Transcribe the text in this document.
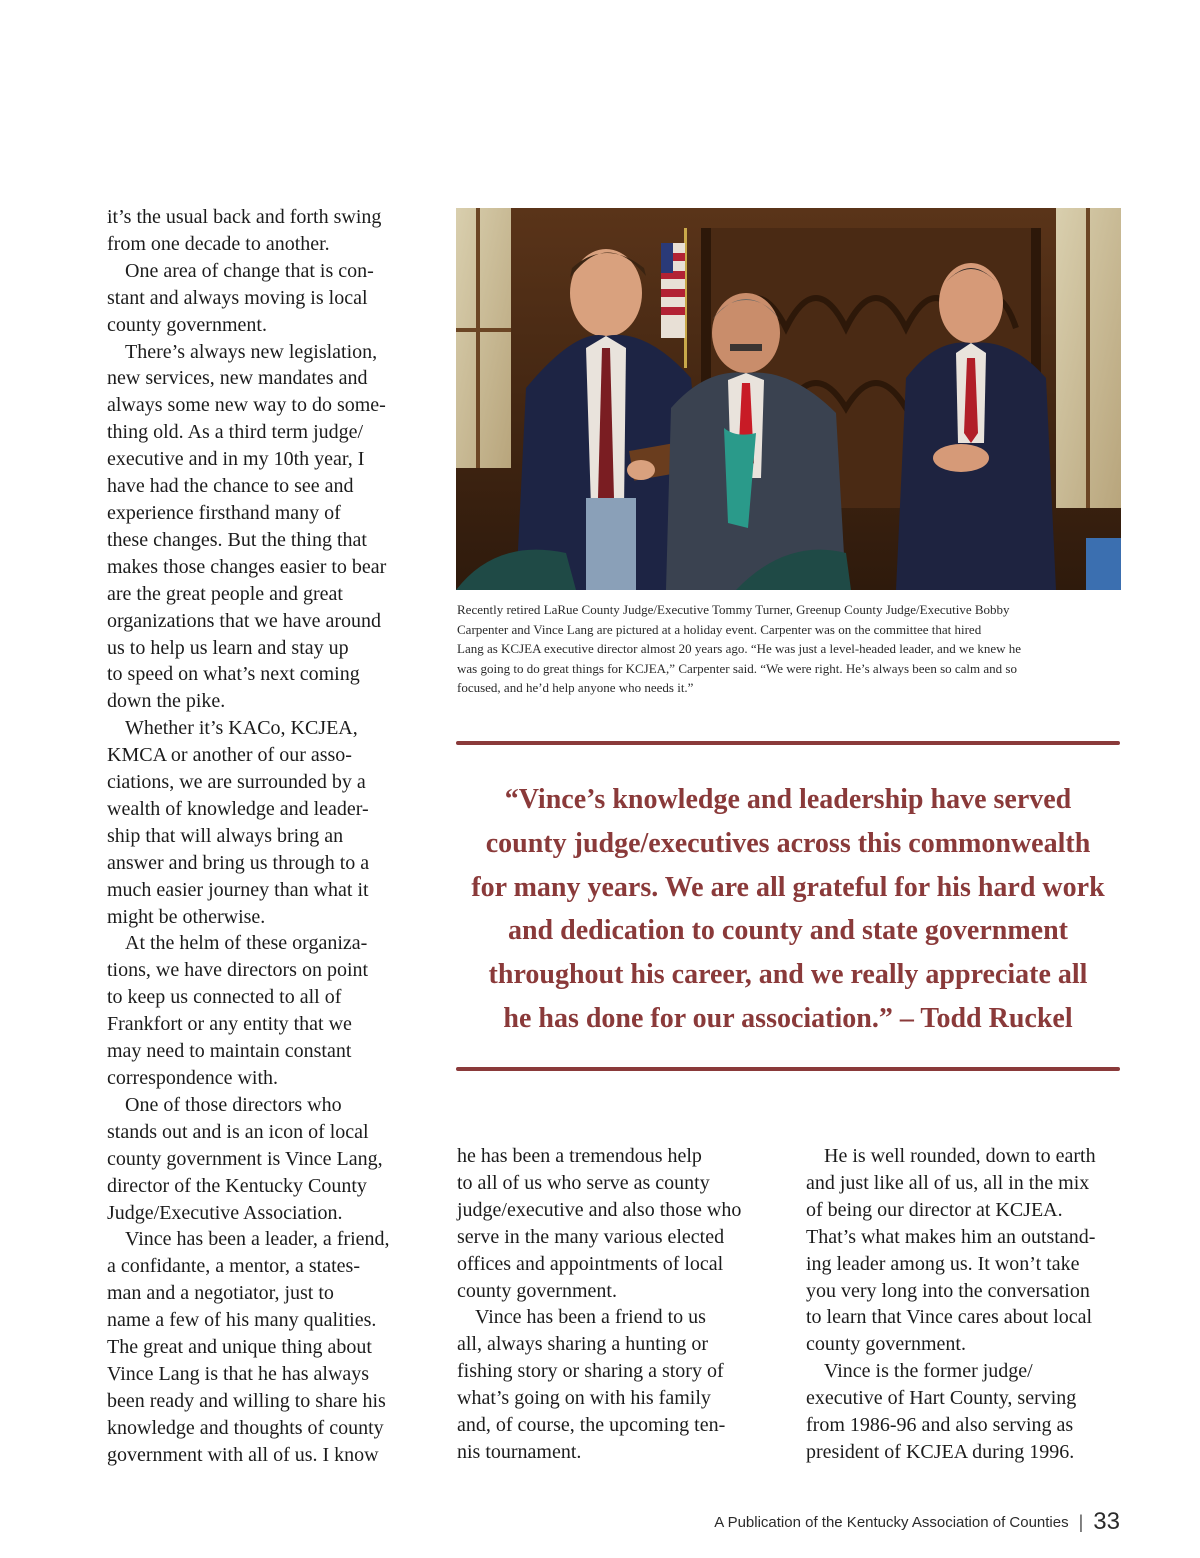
it’s the usual back and forth swing
from one decade to another.

One area of change that is con-
stant and always moving is local
county government.

There’s always new legislation,
new services, new mandates and
always some new way to do some-
thing old. As a third term judge/
executive and in my 10th year, I
have had the chance to see and
experience firsthand many of
these changes. But the thing that
makes those changes easier to bear
are the great people and great
organizations that we have around
us to help us learn and stay up
to speed on what’s next coming
down the pike.

Whether it’s KACo, KCJEA,
KMCA or another of our asso-
ciations, we are surrounded by a
wealth of knowledge and leader-
ship that will always bring an
answer and bring us through to a
much easier journey than what it
might be otherwise.

At the helm of these organiza-
tions, we have directors on point
to keep us connected to all of
Frankfort or any entity that we
may need to maintain constant
correspondence with.

One of those directors who
stands out and is an icon of local
county government is Vince Lang,
director of the Kentucky County
Judge/Executive Association.

Vince has been a leader, a friend,
a confidante, a mentor, a states-
man and a negotiator, just to
name a few of his many qualities.
The great and unique thing about
Vince Lang is that he has always
been ready and willing to share his
knowledge and thoughts of county
government with all of us. I know

Recently retired LaRue County Judge/Executive Tommy Turner, Greenup County Judge/Executive Bobby
Carpenter and Vince Lang are pictured at a holiday event. Carpenter was on the committee that hired
Lang as KCJEA executive director almost 20 years ago. “He was just a level-headed leader, and we knew he
was going to do great things for KCJEA,” Carpenter said. “We were right. He’s always been so calm and so
focused, and he’d help anyone who needs it.”
“Vince’s knowledge and leadership have served
county judge/executives across this commonwealth
for many years. We are all grateful for his hard work
and dedication to county and state government
throughout his career, and we really appreciate all
he has done for our association.” – Todd Ruckel

he has been a tremendous help
to all of us who serve as county
judge/executive and also those who
serve in the many various elected
offices and appointments of local
county government.

Vince has been a friend to us
all, always sharing a hunting or
fishing story or sharing a story of
what’s going on with his family
and, of course, the upcoming ten-
nis tournament.

He is well rounded, down to earth
and just like all of us, all in the mix
of being our director at KCJEA.
That’s what makes him an outstand-
ing leader among us. It won’t take
you very long into the conversation
to learn that Vince cares about local
county government.

Vince is the former judge/
executive of Hart County, serving
from 1986-96 and also serving as
president of KCJEA during 1996.

A Publication of the Kentucky Association of Counties | 33
